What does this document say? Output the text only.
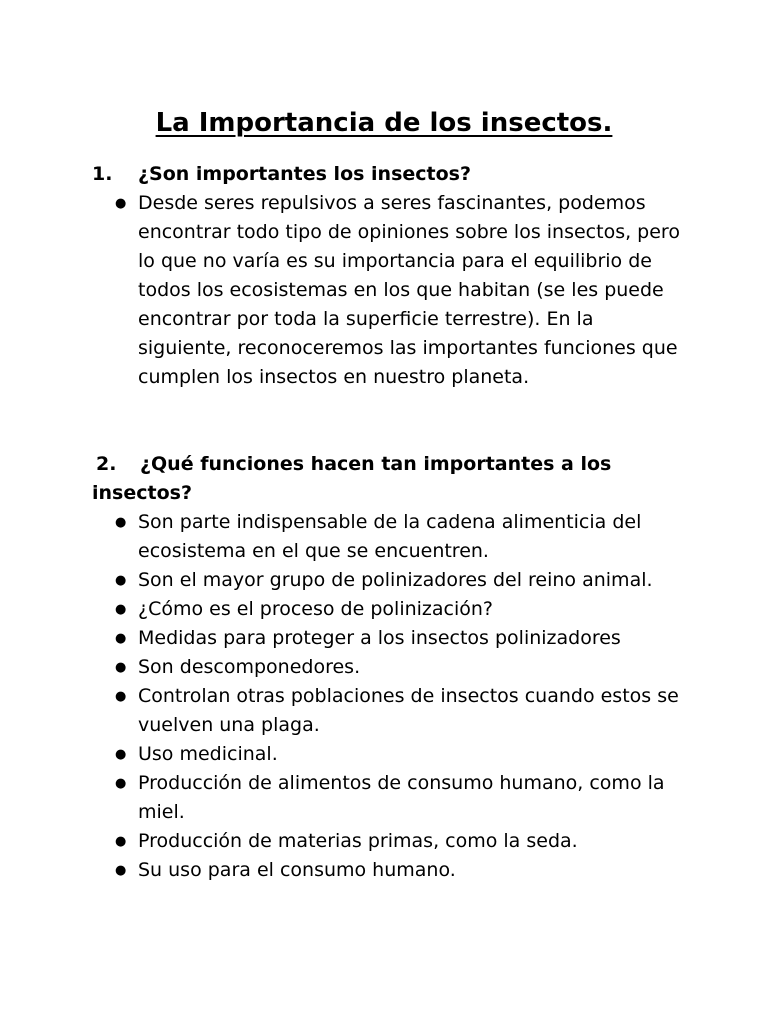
La Importancia de los insectos.

1. ¿Son importantes los insectos?

● Desde seres repulsivos a seres fascinantes, podemos encontrar todo tipo de opiniones sobre los insectos, pero lo que no varía es su importancia para el equilibrio de todos los ecosistemas en los que habitan (se les puede encontrar por toda la superficie terrestre). En la siguiente, reconoceremos las importantes funciones que cumplen los insectos en nuestro planeta.

2. ¿Qué funciones hacen tan importantes a los insectos?

● Son parte indispensable de la cadena alimenticia del ecosistema en el que se encuentren.
● Son el mayor grupo de polinizadores del reino animal.
● ¿Cómo es el proceso de polinización?
● Medidas para proteger a los insectos polinizadores
● Son descomponedores.
● Controlan otras poblaciones de insectos cuando estos se vuelven una plaga.
● Uso medicinal.
● Producción de alimentos de consumo humano, como la miel.
● Producción de materias primas, como la seda.
● Su uso para el consumo humano.
